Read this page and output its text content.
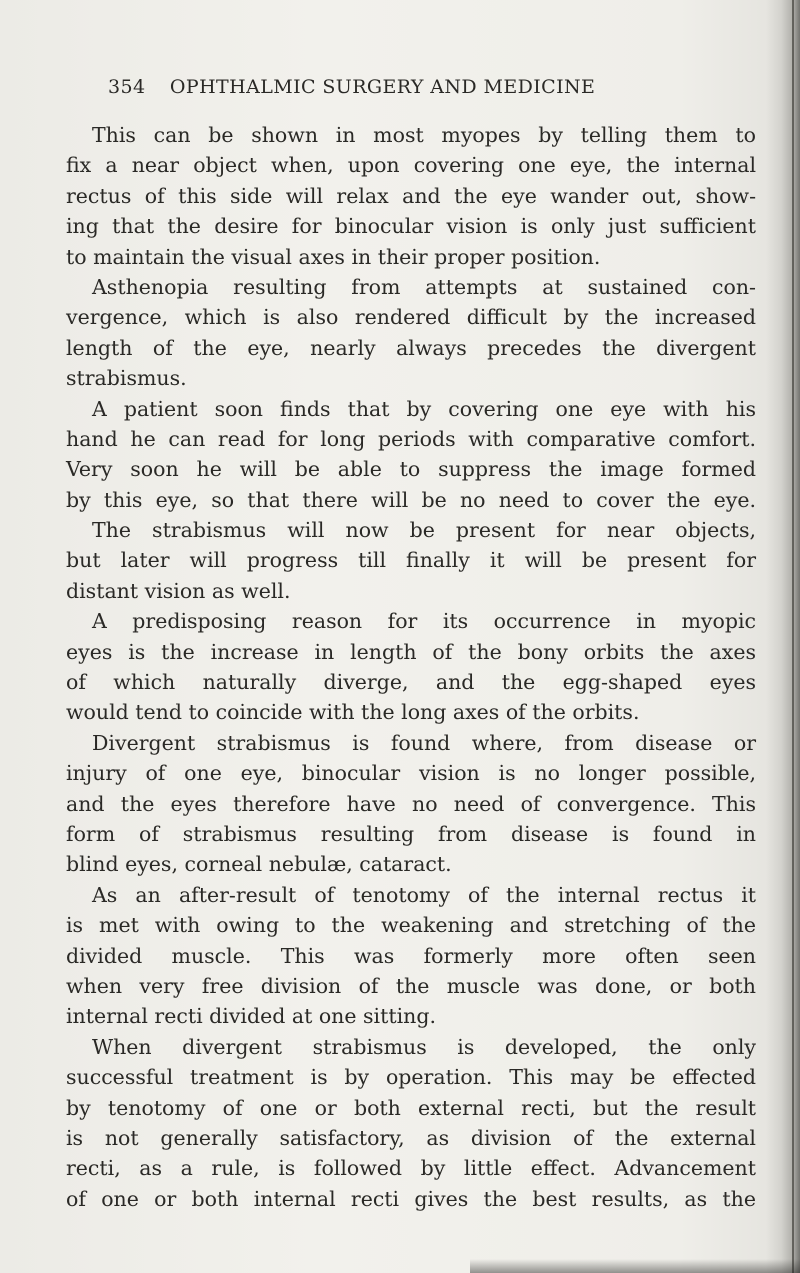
354 OPHTHALMIC SURGERY AND MEDICINE
This can be shown in most myopes by telling them to
fix a near object when, upon covering one eye, the internal
rectus of this side will relax and the eye wander out, show-
ing that the desire for binocular vision is only just sufficient
to maintain the visual axes in their proper position.
Asthenopia resulting from attempts at sustained con-
vergence, which is also rendered difficult by the increased
length of the eye, nearly always precedes the divergent
strabismus.
A patient soon finds that by covering one eye with his
hand he can read for long periods with comparative comfort.
Very soon he will be able to suppress the image formed
by this eye, so that there will be no need to cover the eye.
The strabismus will now be present for near objects,
but later will progress till finally it will be present for
distant vision as well.
A predisposing reason for its occurrence in myopic
eyes is the increase in length of the bony orbits the axes
of which naturally diverge, and the egg-shaped eyes
would tend to coincide with the long axes of the orbits.
Divergent strabismus is found where, from disease or
injury of one eye, binocular vision is no longer possible,
and the eyes therefore have no need of convergence. This
form of strabismus resulting from disease is found in
blind eyes, corneal nebulæ, cataract.
As an after-result of tenotomy of the internal rectus it
is met with owing to the weakening and stretching of the
divided muscle. This was formerly more often seen
when very free division of the muscle was done, or both
internal recti divided at one sitting.
When divergent strabismus is developed, the only
successful treatment is by operation. This may be effected
by tenotomy of one or both external recti, but the result
is not generally satisfactory, as division of the external
recti, as a rule, is followed by little effect. Advancement
of one or both internal recti gives the best results, as the
